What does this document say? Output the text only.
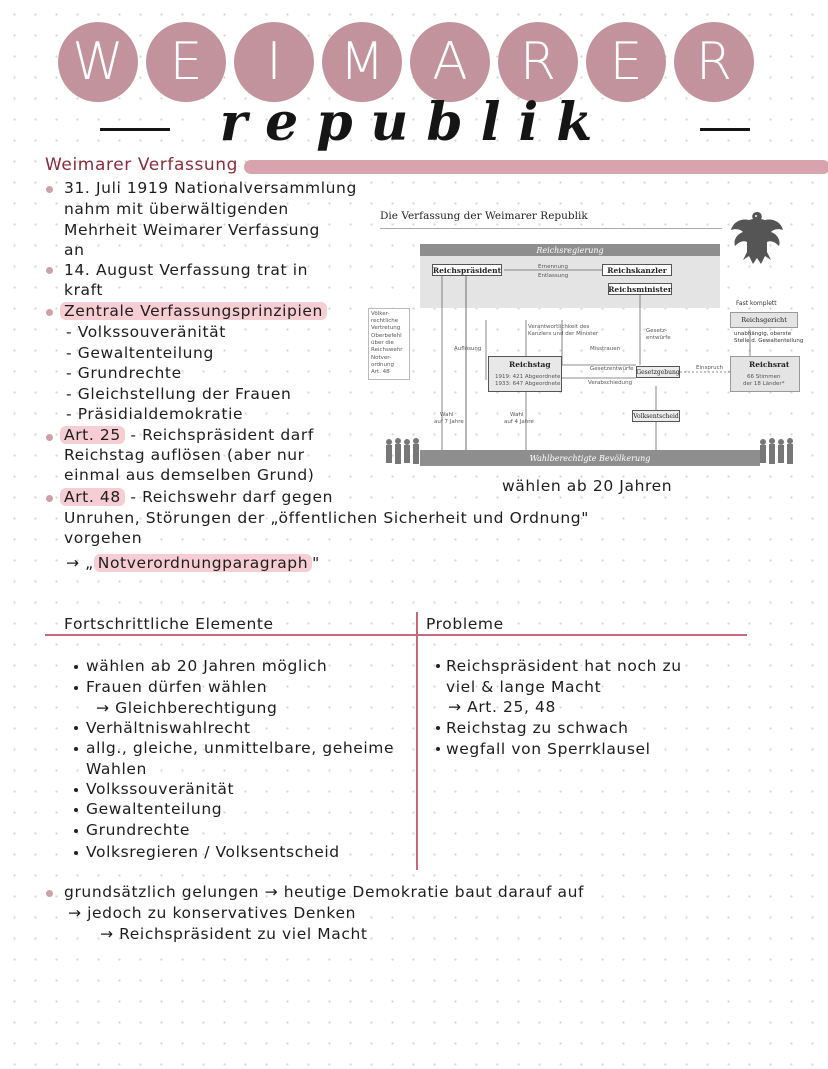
W E	I	M A	R	E	R
republik
Weimarer Verfassung
31. Juli 1919 Nationalversammlung
nahm mit überwältigenden
Mehrheit Weimarer Verfassung
an
14. August Verfassung trat in
kraft
Zentrale Verfassungsprinzipien
- Volkssouveränität
- Gewaltenteilung
- Grundrechte
- Gleichstellung der Frauen
- Präsidialdemokratie
Art. 25 - Reichspräsident darf
Reichstag auflösen (aber nur
einmal aus demselben Grund)
Art. 48 - Reichswehr darf gegen
Unruhen, Störungen der „öffentlichen Sicherheit und Ordnung"
vorgehen
→ „ Notverordnungparagraph "
Die Verfassung der Weimarer Republik
Reichsregierung
Reichspräsident	Reichskanzler
Reichsminister
Ernennung
Entlassung
Völker-
rechtliche
Vertretung
Oberbefehl
über die
Reichswehr
Notver-
ordnung
Art. 48
Reichstag
1919: 421 Abgeordnete
1933: 647 Abgeordnete
Gesetzgebung
Gesetzentwürfe
Verabschiedung
Einspruch
Verantwortlichkeit des
Kanzlers und der Minister
Misstrauen
Gesetz-
entwürfe
Auflösung
Reichsrat
66 Stimmen
der 18 Länder*
Reichsgericht
Fast komplett
unabhängig, oberste
Stelle d. Gewaltenteilung
Volksentscheid
Wahl
auf 7 Jahre
Wahl
auf 4 Jahre
Wahlberechtigte Bevölkerung
wählen ab 20 Jahren
Fortschrittliche Elemente	Probleme
wählen ab 20 Jahren möglich
Frauen dürfen wählen
→ Gleichberechtigung
Verhältniswahlrecht
allg., gleiche, unmittelbare, geheime
Wahlen
Volkssouveränität
Gewaltenteilung
Grundrechte
Volksregieren / Volksentscheid
Reichspräsident hat noch zu
viel & lange Macht
→ Art. 25, 48
Reichstag zu schwach
wegfall von Sperrklausel
grundsätzlich gelungen → heutige Demokratie baut darauf auf
→ jedoch zu konservatives Denken
→ Reichspräsident zu viel Macht
